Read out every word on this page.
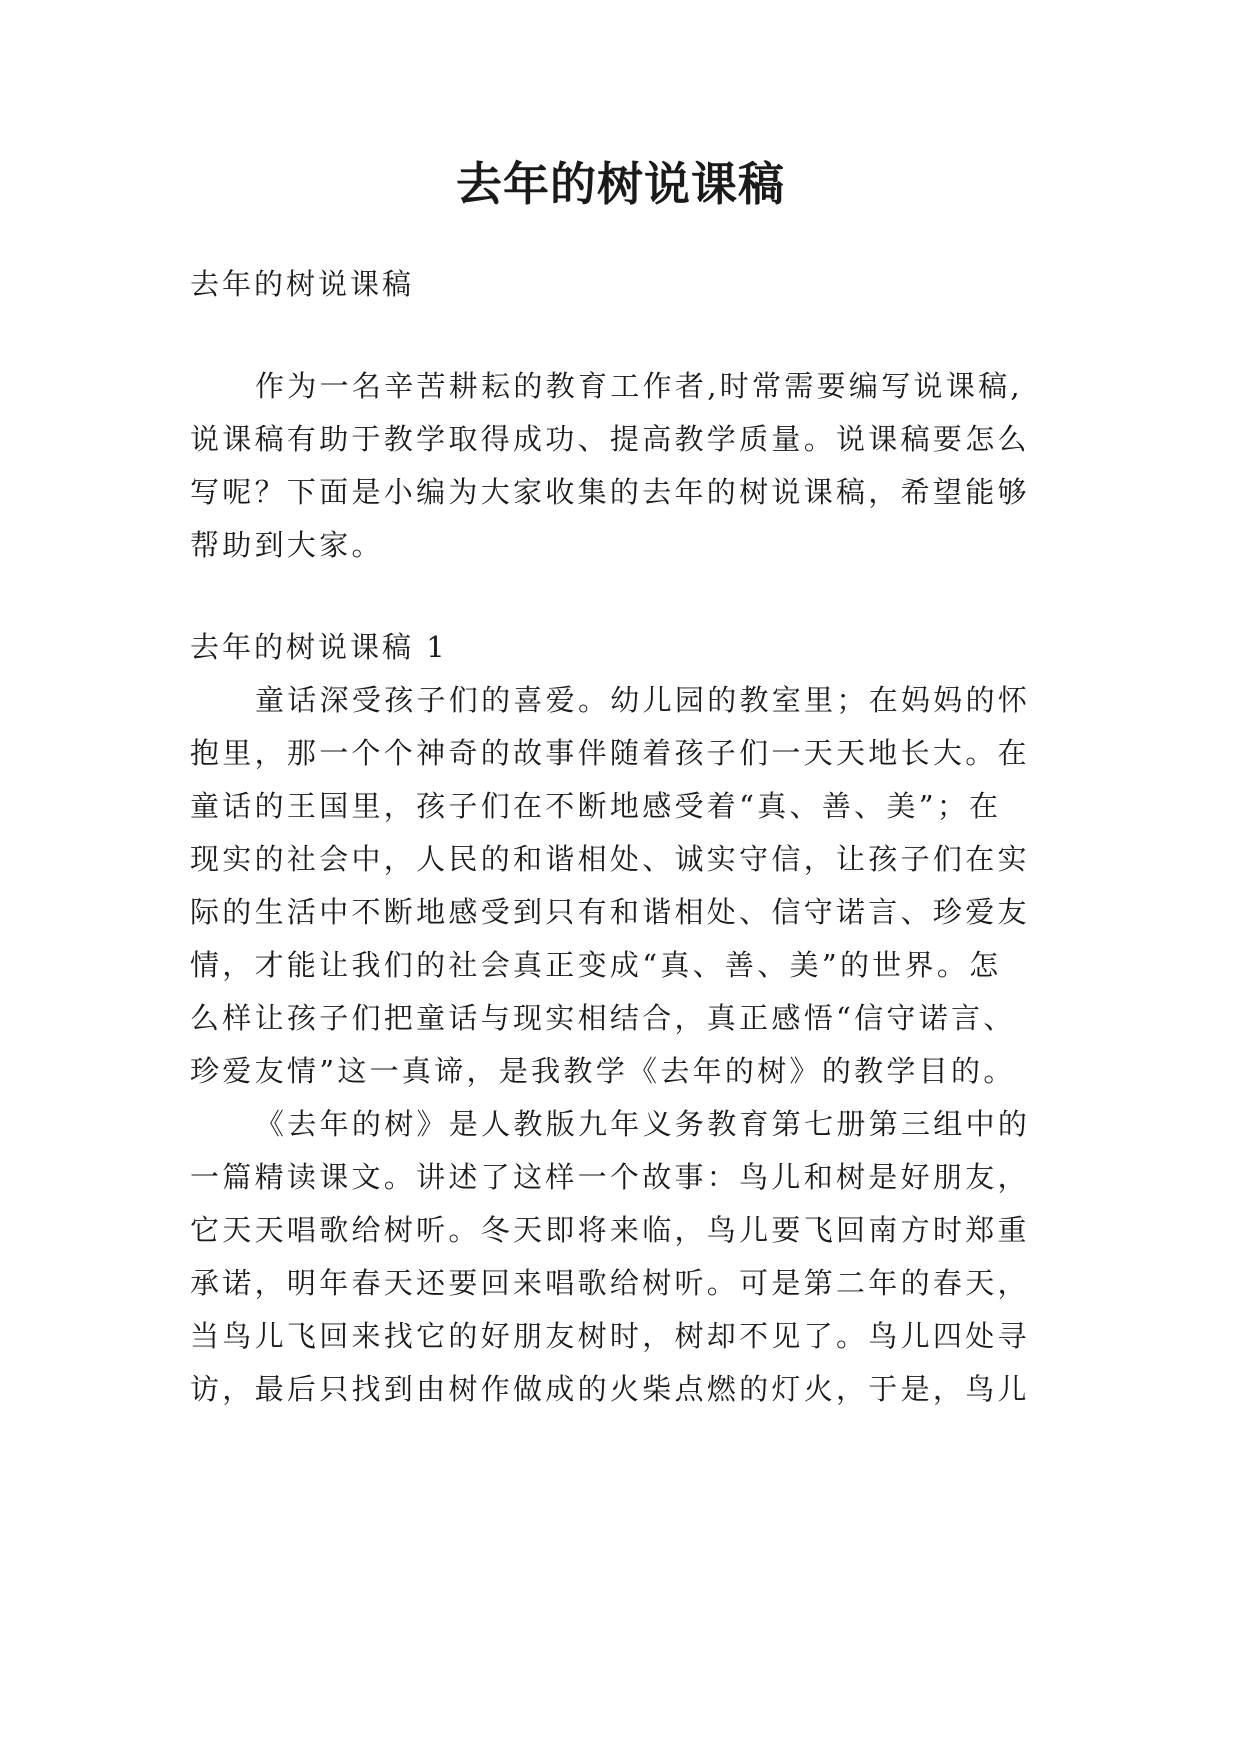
去年的树说课稿
去年的树说课稿
作为一名辛苦耕耘的教育工作者,时常需要编写说课稿,
说课稿有助于教学取得成功、提高教学质量。说课稿要怎么
写呢？下面是小编为大家收集的去年的树说课稿，希望能够
帮助到大家。
去年的树说课稿 1
童话深受孩子们的喜爱。幼儿园的教室里；在妈妈的怀
抱里，那一个个神奇的故事伴随着孩子们一天天地长大。在
童话的王国里，孩子们在不断地感受着“真、善、美”；在
现实的社会中，人民的和谐相处、诚实守信，让孩子们在实
际的生活中不断地感受到只有和谐相处、信守诺言、珍爱友
情，才能让我们的社会真正变成“真、善、美”的世界。怎
么样让孩子们把童话与现实相结合，真正感悟“信守诺言、
珍爱友情”这一真谛，是我教学《去年的树》的教学目的。
《去年的树》是人教版九年义务教育第七册第三组中的
一篇精读课文。讲述了这样一个故事：鸟儿和树是好朋友，
它天天唱歌给树听。冬天即将来临，鸟儿要飞回南方时郑重
承诺，明年春天还要回来唱歌给树听。可是第二年的春天，
当鸟儿飞回来找它的好朋友树时，树却不见了。鸟儿四处寻
访，最后只找到由树作做成的火柴点燃的灯火，于是，鸟儿
